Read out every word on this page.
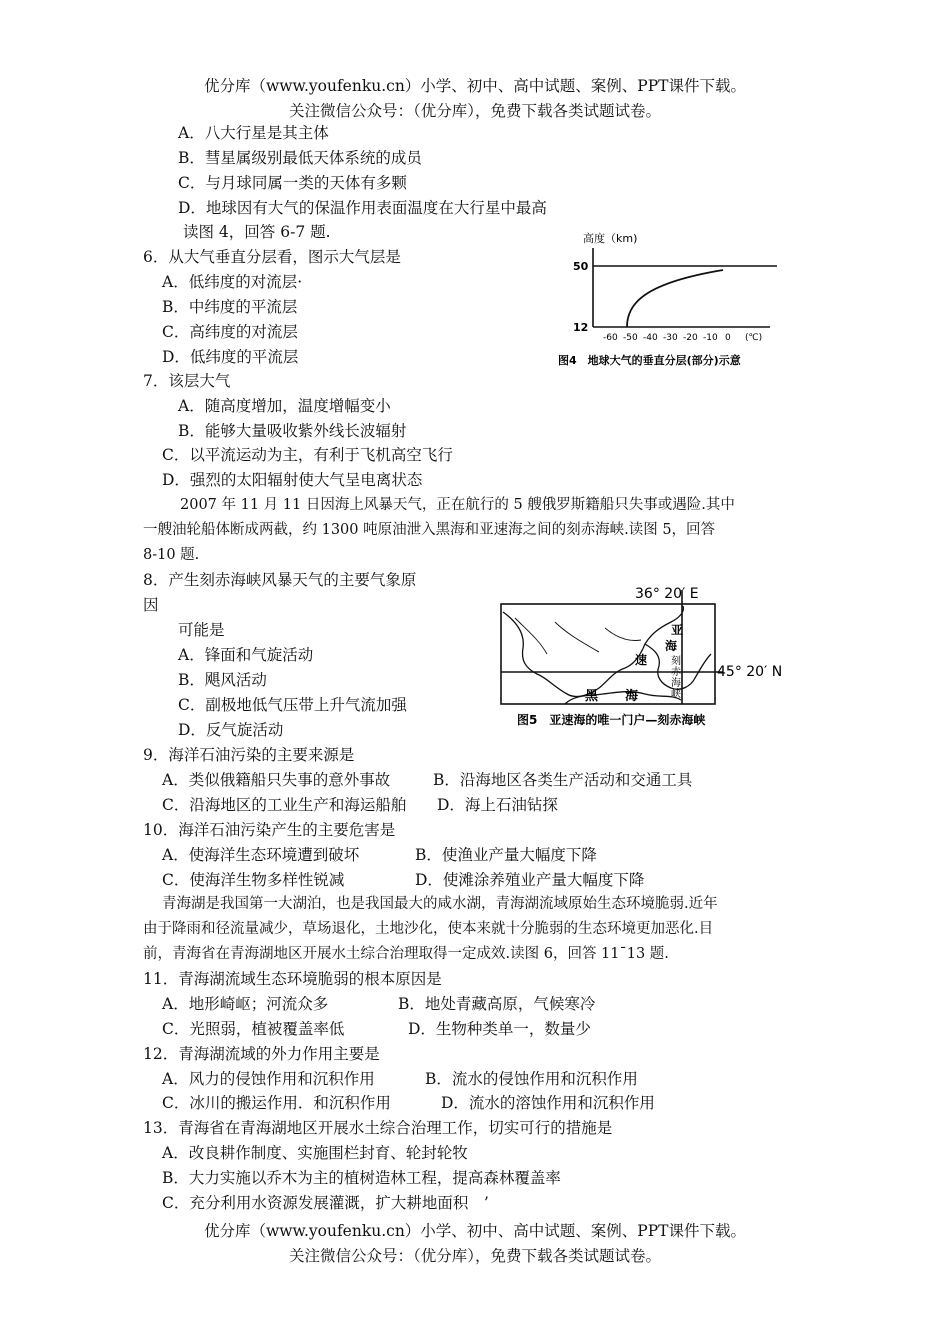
优分库（www.youfenku.cn）小学、初中、高中试题、案例、PPT课件下载。
关注微信公众号：（优分库），免费下载各类试题试卷。
A．八大行星是其主体
B．彗星属级别最低天体系统的成员
C．与月球同属一类的天体有多颗
D．地球因有大气的保温作用表面温度在大行星中最高
读图 4，回答 6-7 题.
6．从大气垂直分层看，图示大气层是
A．低纬度的对流层·
B．中纬度的平流层
C．高纬度的对流层
D．低纬度的平流层
高度（km)
50
12
-60 -50 -40 -30 -20 -10 0 (℃)
图4　地球大气的垂直分层(部分)示意
7．该层大气
A．随高度增加，温度增幅变小
B．能够大量吸收紫外线长波辐射
C．以平流运动为主，有利于飞机高空飞行
D．强烈的太阳辐射使大气呈电离状态
2007 年 11 月 11 日因海上风暴天气，正在航行的 5 艘俄罗斯籍船只失事或遇险.其中
一艘油轮船体断成两截，约 1300 吨原油泄入黑海和亚速海之间的刻赤海峡.读图 5，回答
8-10 题.
8．产生刻赤海峡风暴天气的主要气象原
因
可能是
A．锋面和气旋活动
B．飓风活动
C．副极地低气压带上升气流加强
D．反气旋活动
36° 20′ E
45° 20′ N
亚
速
海
刻
赤
海
峡
黑 海
图5　亚速海的唯一门户—刻赤海峡
9．海洋石油污染的主要来源是
A．类似俄籍船只失事的意外事故	B．沿海地区各类生产活动和交通工具
C．沿海地区的工业生产和海运船舶 D．海上石油钻探
10．海洋石油污染产生的主要危害是
A．使海洋生态环境遭到破坏	B．使渔业产量大幅度下降
C．使海洋生物多样性锐减	D．使滩涂养殖业产量大幅度下降
青海湖是我国第一大湖泊，也是我国最大的咸水湖，青海湖流域原始生态环境脆弱.近年
由于降雨和径流量减少，草场退化，土地沙化，使本来就十分脆弱的生态环境更加恶化.目
前，青海省在青海湖地区开展水土综合治理取得一定成效.读图 6，回答 11¯13 题.
11．青海湖流域生态环境脆弱的根本原因是
A．地形崎岖；河流众多	B．地处青藏高原，气候寒冷
C．光照弱，植被覆盖率低	D．生物种类单一，数量少
12．青海湖流域的外力作用主要是
A．风力的侵蚀作用和沉积作用	B．流水的侵蚀作用和沉积作用
C．冰川的搬运作用．和沉积作用	D．流水的溶蚀作用和沉积作用
13．青海省在青海湖地区开展水土综合治理工作，切实可行的措施是
A．改良耕作制度、实施围栏封育、轮封轮牧
B．大力实施以乔木为主的植树造林工程，提高森林覆盖率
C．充分利用水资源发展灌溉，扩大耕地面积　’
优分库（www.youfenku.cn）小学、初中、高中试题、案例、PPT课件下载。
关注微信公众号：（优分库），免费下载各类试题试卷。
